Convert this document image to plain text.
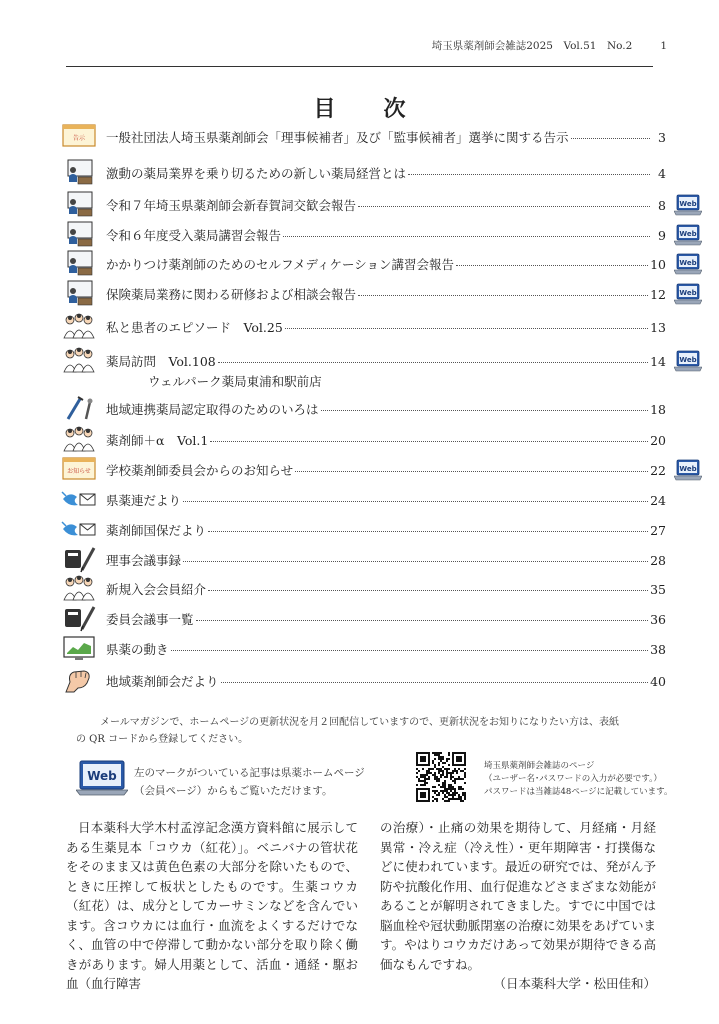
埼玉県薬剤師会雑誌2025　Vol.51　No.2	1
目次
告示 一般社団法人埼玉県薬剤師会「理事候補者」及び「監事候補者」選挙に関する告示	3
激動の薬局業界を乗り切るための新しい薬局経営とは	4
令和７年埼玉県薬剤師会新春賀詞交歓会報告	8 Web
令和６年度受入薬局講習会報告	9 Web
かかりつけ薬剤師のためのセルフメディケーション講習会報告	10 Web
保険薬局業務に関わる研修および相談会報告	12 Web
私と患者のエピソード　Vol.25	13
薬局訪問　Vol.108	14
ウェルパーク薬局東浦和駅前店
Web
地域連携薬局認定取得のためのいろは	18
薬剤師＋α　Vol.1	20
お知らせ 学校薬剤師委員会からのお知らせ	22 Web
県薬連だより	24
薬剤師国保だより	27
理事会議事録	28
新規入会会員紹介	35
委員会議事一覧	36
県薬の動き	38
地域薬剤師会だより	40
メールマガジンで、ホームページの更新状況を月２回配信していますので、更新状況をお知りになりたい方は、表紙
の QR コードから登録してください。
Web 左のマークがついている記事は県薬ホームページ
（会員ページ）からもご覧いただけます。
埼玉県薬剤師会雑誌のページ
（ユーザー名･パスワードの入力が必要です。）
パスワードは当雑誌48ページに記載しています。
日本薬科大学木村孟淳記念漢方資料館に展示してある生薬見本「コウカ（紅花）」。ベニバナの管状花をそのまま又は黄色色素の大部分を除いたもので、ときに圧搾して板状としたものです。生薬コウカ（紅花）は、成分としてカーサミンなどを含んでいます。含コウカには血行・血流をよくするだけでなく、血管の中で停滞して動かない部分を取り除く働きがあります。婦人用薬として、活血・通経・駆お血（血行障害
の治療）・止痛の効果を期待して、月経痛・月経異常・冷え症（冷え性）・更年期障害・打撲傷などに使われています。最近の研究では、発がん予防や抗酸化作用、血行促進などさまざまな効能があることが解明されてきました。すでに中国では脳血栓や冠状動脈閉塞の治療に効果をあげています。やはりコウカだけあって効果が期待できる高価なもんですね。
（日本薬科大学・松田佳和）
